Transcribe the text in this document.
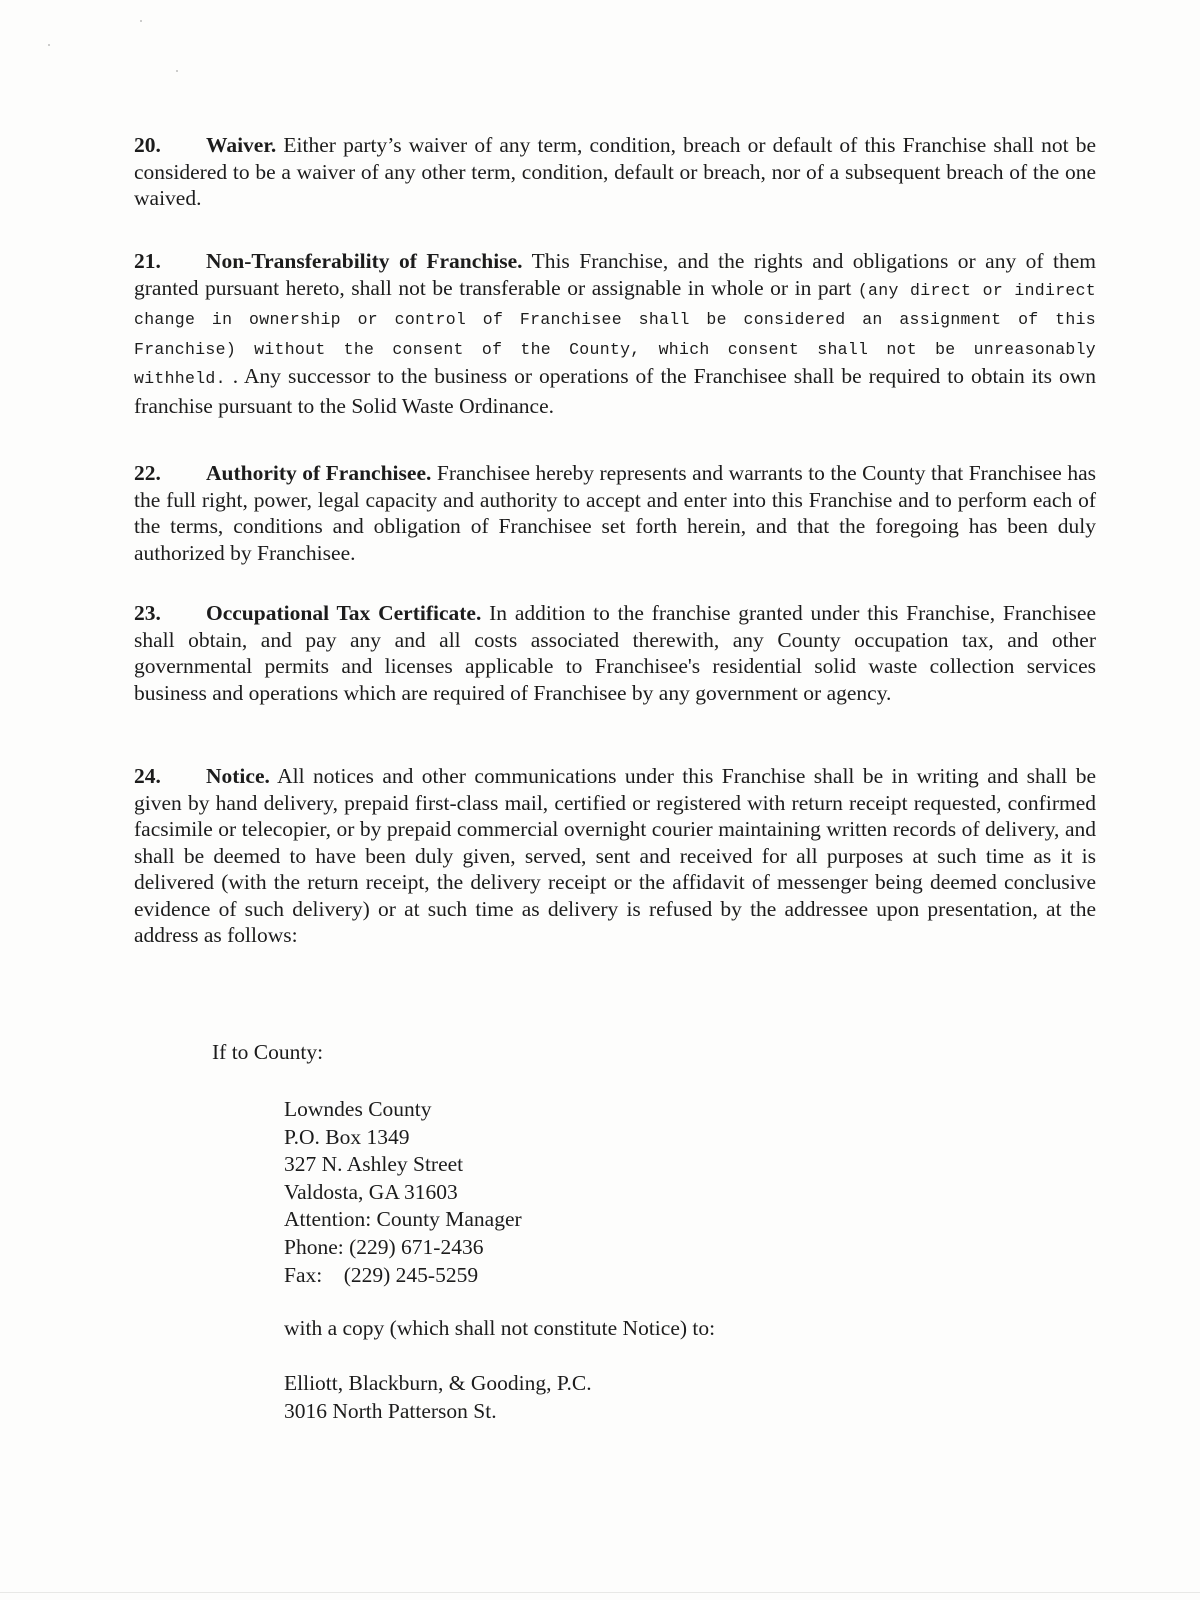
20. Waiver. Either party’s waiver of any term, condition, breach or default of this Franchise shall not be considered to be a waiver of any other term, condition, default or breach, nor of a subsequent breach of the one waived.

21. Non-Transferability of Franchise. This Franchise, and the rights and obligations or any of them granted pursuant hereto, shall not be transferable or assignable in whole or in part (any direct or indirect change in ownership or control of Franchisee shall be considered an assignment of this Franchise) without the consent of the County, which consent shall not be unreasonably withheld. . Any successor to the business or operations of the Franchisee shall be required to obtain its own franchise pursuant to the Solid Waste Ordinance.

22. Authority of Franchisee. Franchisee hereby represents and warrants to the County that Franchisee has the full right, power, legal capacity and authority to accept and enter into this Franchise and to perform each of the terms, conditions and obligation of Franchisee set forth herein, and that the foregoing has been duly authorized by Franchisee.

23. Occupational Tax Certificate. In addition to the franchise granted under this Franchise, Franchisee shall obtain, and pay any and all costs associated therewith, any County occupation tax, and other governmental permits and licenses applicable to Franchisee's residential solid waste collection services business and operations which are required of Franchisee by any government or agency.

24. Notice. All notices and other communications under this Franchise shall be in writing and shall be given by hand delivery, prepaid first-class mail, certified or registered with return receipt requested, confirmed facsimile or telecopier, or by prepaid commercial overnight courier maintaining written records of delivery, and shall be deemed to have been duly given, served, sent and received for all purposes at such time as it is delivered (with the return receipt, the delivery receipt or the affidavit of messenger being deemed conclusive evidence of such delivery) or at such time as delivery is refused by the addressee upon presentation, at the address as follows:

If to County:
Lowndes County
P.O. Box 1349
327 N. Ashley Street
Valdosta, GA 31603
Attention: County Manager
Phone: (229) 671-2436
Fax:    (229) 245-5259
with a copy (which shall not constitute Notice) to:
Elliott, Blackburn, & Gooding, P.C.
3016 North Patterson St.
